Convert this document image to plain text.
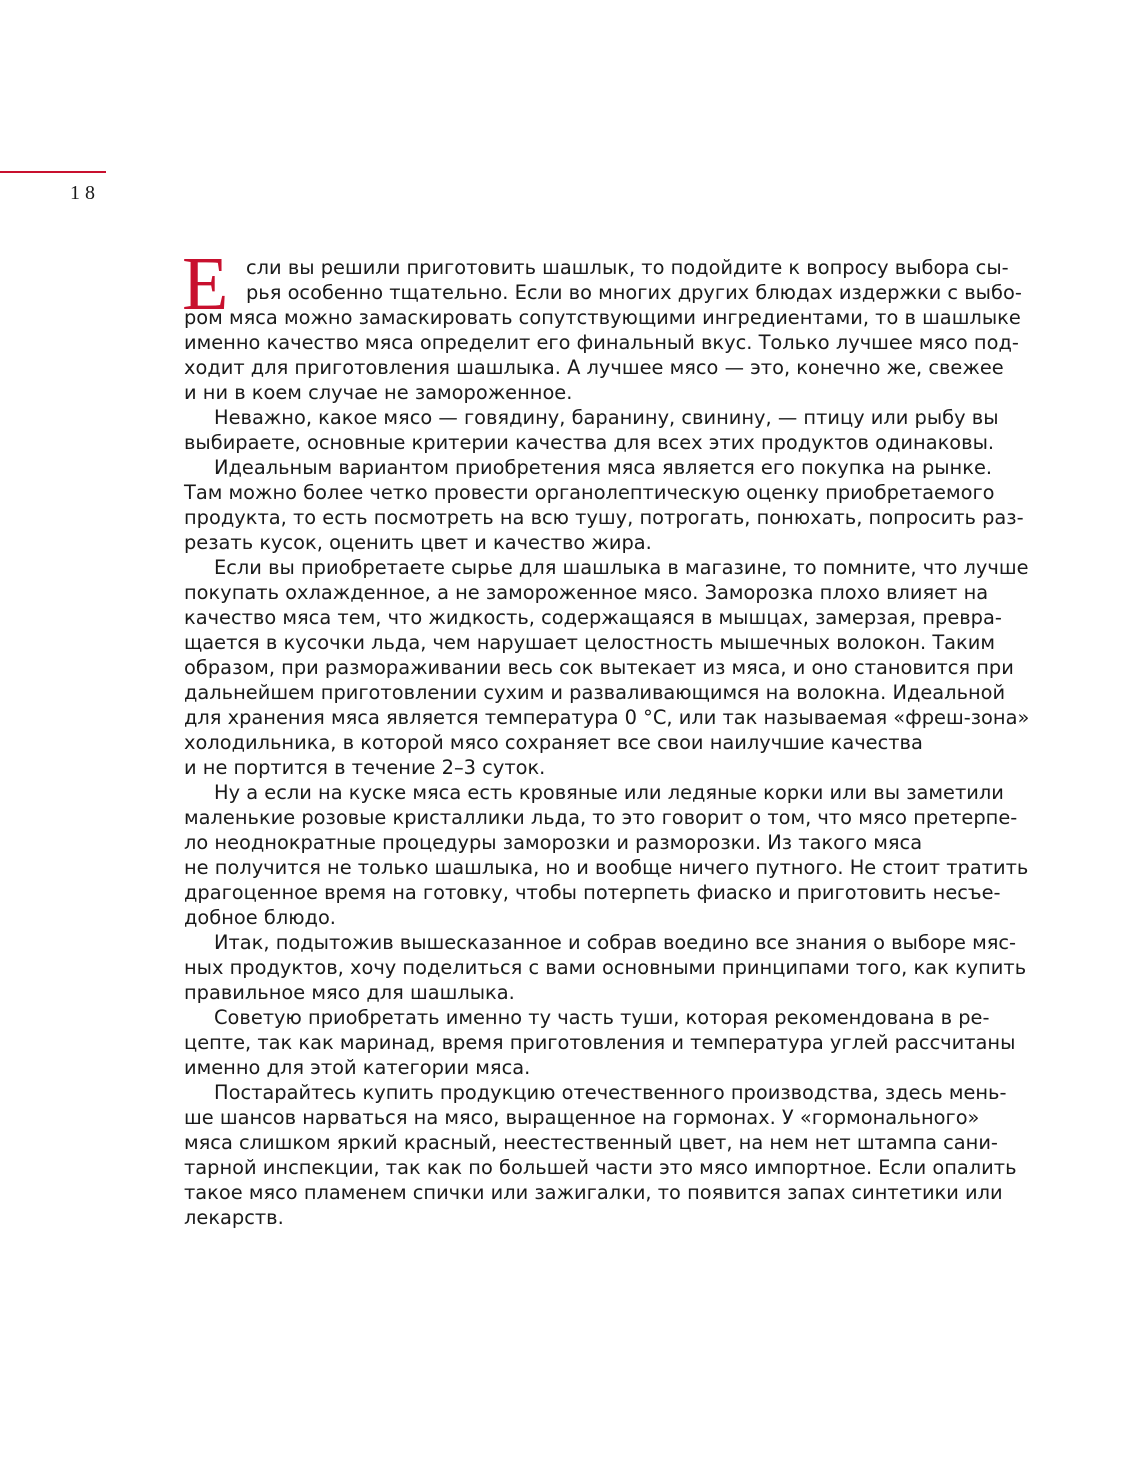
18
Е сли вы решили приготовить шашлык, то подойдите к вопросу выбора сы-
рья особенно тщательно. Если во многих других блюдах издержки с выбо-
ром мяса можно замаскировать сопутствующими ингредиентами, то в шашлыке
именно качество мяса определит его финальный вкус. Только лучшее мясо под-
ходит для приготовления шашлыка. А лучшее мясо — это, конечно же, свежее
и ни в коем случае не замороженное.
Неважно, какое мясо — говядину, баранину, свинину, — птицу или рыбу вы
выбираете, основные критерии качества для всех этих продуктов одинаковы.
Идеальным вариантом приобретения мяса является его покупка на рынке.
Там можно более четко провести органолептическую оценку приобретаемого
продукта, то есть посмотреть на всю тушу, потрогать, понюхать, попросить раз-
резать кусок, оценить цвет и качество жира.
Если вы приобретаете сырье для шашлыка в магазине, то помните, что лучше
покупать охлажденное, а не замороженное мясо. Заморозка плохо влияет на
качество мяса тем, что жидкость, содержащаяся в мышцах, замерзая, превра-
щается в кусочки льда, чем нарушает целостность мышечных волокон. Таким
образом, при размораживании весь сок вытекает из мяса, и оно становится при
дальнейшем приготовлении сухим и разваливающимся на волокна. Идеальной
для хранения мяса является температура 0 °С, или так называемая «фреш-зона»
холодильника, в которой мясо сохраняет все свои наилучшие качества
и не портится в течение 2–3 суток.
Ну а если на куске мяса есть кровяные или ледяные корки или вы заметили
маленькие розовые кристаллики льда, то это говорит о том, что мясо претерпе-
ло неоднократные процедуры заморозки и разморозки. Из такого мяса
не получится не только шашлыка, но и вообще ничего путного. Не стоит тратить
драгоценное время на готовку, чтобы потерпеть фиаско и приготовить несъе-
добное блюдо.
Итак, подытожив вышесказанное и собрав воедино все знания о выборе мяс-
ных продуктов, хочу поделиться с вами основными принципами того, как купить
правильное мясо для шашлыка.
Советую приобретать именно ту часть туши, которая рекомендована в ре-
цепте, так как маринад, время приготовления и температура углей рассчитаны
именно для этой категории мяса.
Постарайтесь купить продукцию отечественного производства, здесь мень-
ше шансов нарваться на мясо, выращенное на гормонах. У «гормонального»
мяса слишком яркий красный, неестественный цвет, на нем нет штампа сани-
тарной инспекции, так как по большей части это мясо импортное. Если опалить
такое мясо пламенем спички или зажигалки, то появится запах синтетики или
лекарств.
